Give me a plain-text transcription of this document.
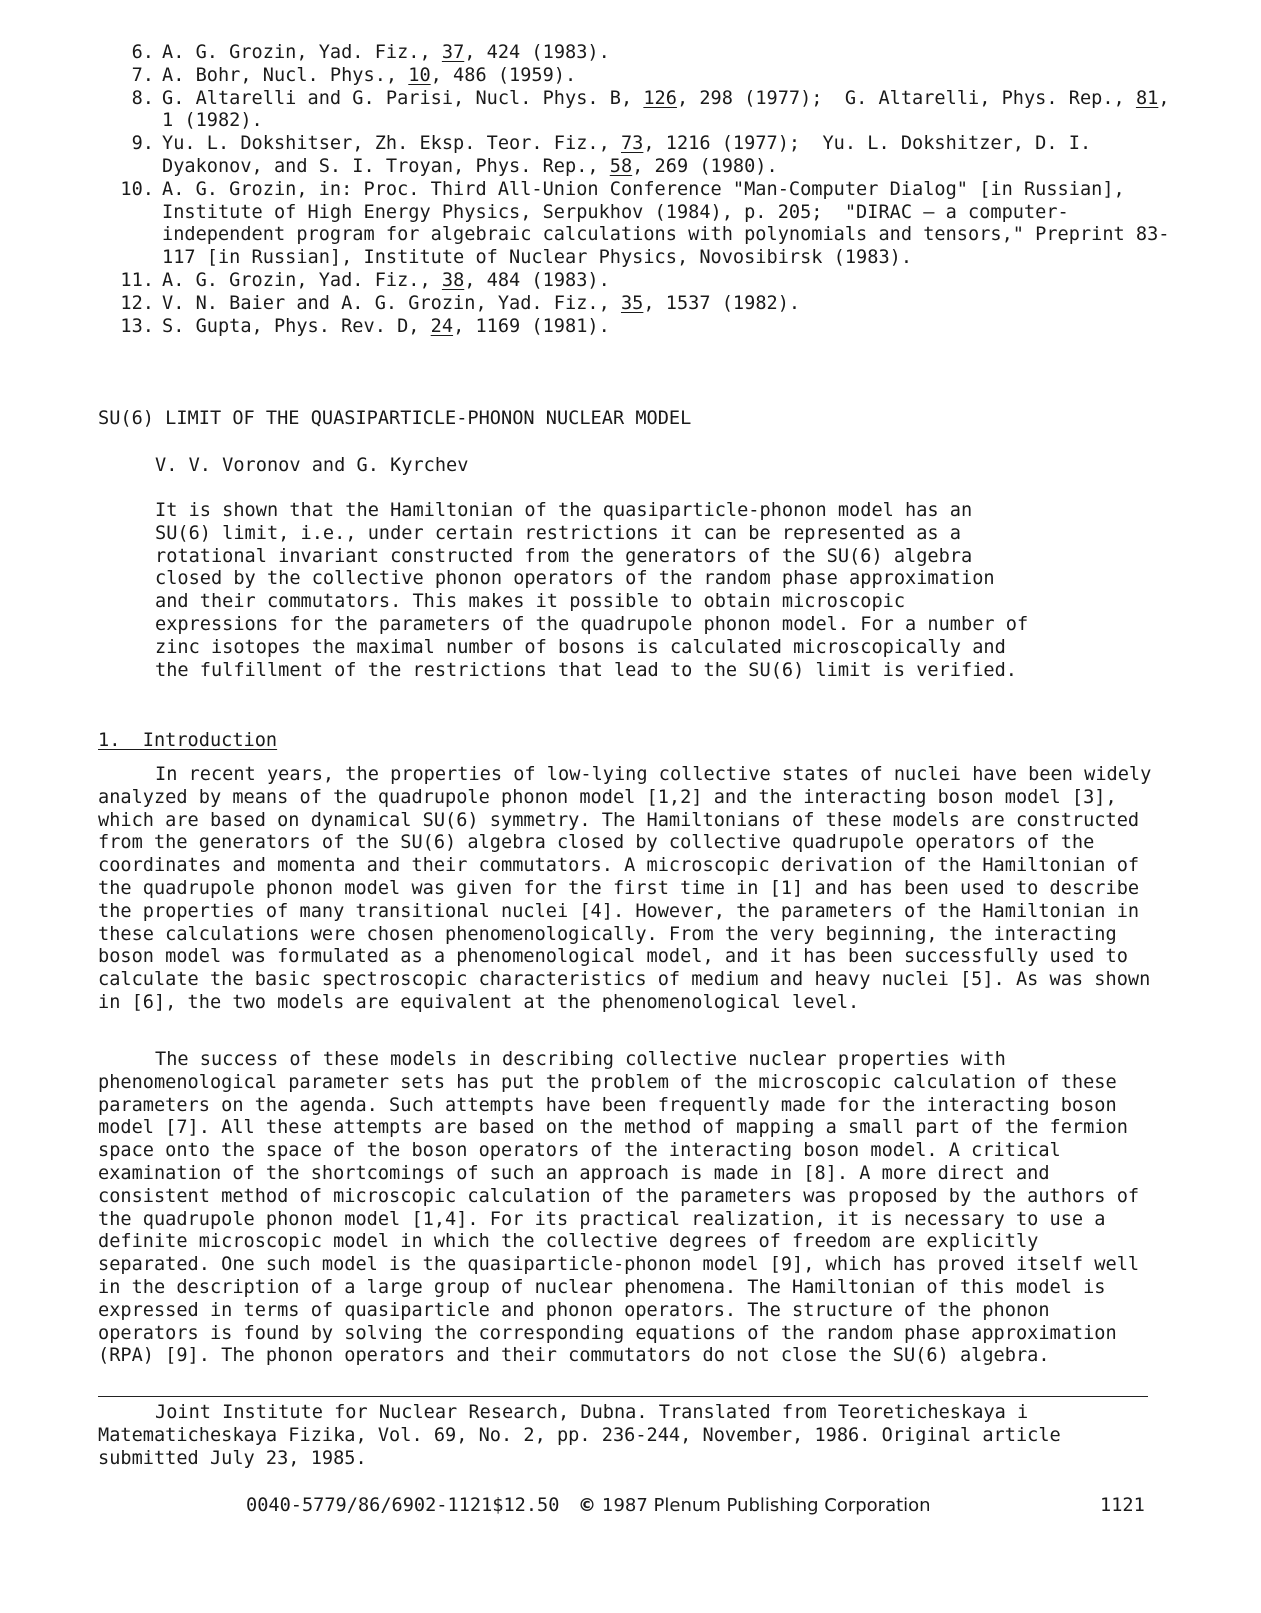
6. A. G. Grozin, Yad. Fiz., 37, 424 (1983).
7. A. Bohr, Nucl. Phys., 10, 486 (1959).
8. G. Altarelli and G. Parisi, Nucl. Phys. B, 126, 298 (1977);  G. Altarelli, Phys. Rep., 81, 1 (1982).
9. Yu. L. Dokshitser, Zh. Eksp. Teor. Fiz., 73, 1216 (1977);  Yu. L. Dokshitzer, D. I. Dyakonov, and S. I. Troyan, Phys. Rep., 58, 269 (1980).
10. A. G. Grozin, in: Proc. Third All-Union Conference "Man-Computer Dialog" [in Russian], Institute of High Energy Physics, Serpukhov (1984), p. 205;  "DIRAC — a computer-independent program for algebraic calculations with polynomials and tensors," Preprint 83-117 [in Russian], Institute of Nuclear Physics, Novosibirsk (1983).
11. A. G. Grozin, Yad. Fiz., 38, 484 (1983).
12. V. N. Baier and A. G. Grozin, Yad. Fiz., 35, 1537 (1982).
13. S. Gupta, Phys. Rev. D, 24, 1169 (1981).
SU(6) LIMIT OF THE QUASIPARTICLE-PHONON NUCLEAR MODEL
V. V. Voronov and G. Kyrchev
It is shown that the Hamiltonian of the quasiparticle-phonon model has an SU(6) limit, i.e., under certain restrictions it can be represented as a rotational invariant constructed from the generators of the SU(6) algebra closed by the collective phonon operators of the random phase approximation and their commutators. This makes it possible to obtain microscopic expressions for the parameters of the quadrupole phonon model. For a number of zinc isotopes the maximal number of bosons is calculated microscopically and the fulfillment of the restrictions that lead to the SU(6) limit is verified.
1.  Introduction
In recent years, the properties of low-lying collective states of nuclei have been widely analyzed by means of the quadrupole phonon model [1,2] and the interacting boson model [3], which are based on dynamical SU(6) symmetry. The Hamiltonians of these models are constructed from the generators of the SU(6) algebra closed by collective quadrupole operators of the coordinates and momenta and their commutators. A microscopic derivation of the Hamiltonian of the quadrupole phonon model was given for the first time in [1] and has been used to describe the properties of many transitional nuclei [4]. However, the parameters of the Hamiltonian in these calculations were chosen phenomenologically. From the very beginning, the interacting boson model was formulated as a phenomenological model, and it has been successfully used to calculate the basic spectroscopic characteristics of medium and heavy nuclei [5]. As was shown in [6], the two models are equivalent at the phenomenological level.
The success of these models in describing collective nuclear properties with phenomenological parameter sets has put the problem of the microscopic calculation of these parameters on the agenda. Such attempts have been frequently made for the interacting boson model [7]. All these attempts are based on the method of mapping a small part of the fermion space onto the space of the boson operators of the interacting boson model. A critical examination of the shortcomings of such an approach is made in [8]. A more direct and consistent method of microscopic calculation of the parameters was proposed by the authors of the quadrupole phonon model [1,4]. For its practical realization, it is necessary to use a definite microscopic model in which the collective degrees of freedom are explicitly separated. One such model is the quasiparticle-phonon model [9], which has proved itself well in the description of a large group of nuclear phenomena. The Hamiltonian of this model is expressed in terms of quasiparticle and phonon operators. The structure of the phonon operators is found by solving the corresponding equations of the random phase approximation (RPA) [9]. The phonon operators and their commutators do not close the SU(6) algebra.
Joint Institute for Nuclear Research, Dubna. Translated from Teoreticheskaya i Matematicheskaya Fizika, Vol. 69, No. 2, pp. 236-244, November, 1986. Original article submitted July 23, 1985.
0040-5779/86/6902-1121$12.50 © 1987 Plenum Publishing Corporation	1121
